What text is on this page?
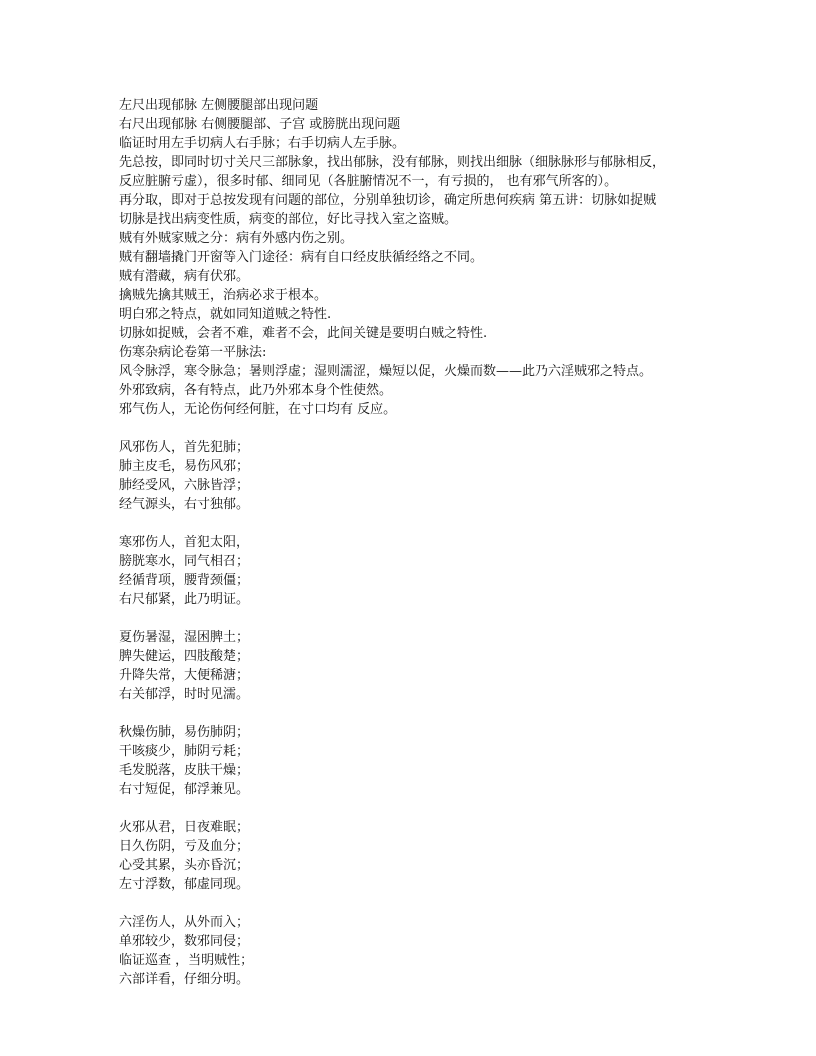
左尺出现郁脉 左侧腰腿部出现问题
右尺出现郁脉 右侧腰腿部、子宫 或膀胱出现问题
临证时用左手切病人右手脉；右手切病人左手脉。
先总按，即同时切寸关尺三部脉象，找出郁脉，没有郁脉，则找出细脉（细脉脉形与郁脉相反，
反应脏腑亏虚），很多时郁、细同见（各脏腑情况不一，有亏损的， 也有邪气所客的）。
再分取，即对于总按发现有问题的部位，分别单独切诊，确定所患何疾病 第五讲：切脉如捉贼
切脉是找出病变性质，病变的部位，好比寻找入室之盗贼。
贼有外贼家贼之分：病有外感内伤之别。
贼有翻墙撬门开窗等入门途径：病有自口经皮肤循经络之不同。
贼有潜藏，病有伏邪。
擒贼先擒其贼王，治病必求于根本。
明白邪之特点，就如同知道贼之特性.
切脉如捉贼，会者不难，难者不会，此间关键是要明白贼之特性.
伤寒杂病论卷第一平脉法:
风令脉浮，寒令脉急；暑则浮虚；湿则濡涩，燥短以促，火燥而数——此乃六淫贼邪之特点。
外邪致病，各有特点，此乃外邪本身个性使然。
邪气伤人，无论伤何经何脏，在寸口均有 反应。
风邪伤人，首先犯肺；
肺主皮毛，易伤风邪；
肺经受风，六脉皆浮；
经气源头，右寸独郁。
寒邪伤人，首犯太阳，
膀胱寒水，同气相召；
经循背项，腰背颈僵；
右尺郁紧，此乃明证。
夏伤暑湿，湿困脾土；
脾失健运，四肢酸楚；
升降失常，大便稀溏；
右关郁浮，时时见濡。
秋燥伤肺，易伤肺阴；
干咳痰少，肺阴亏耗；
毛发脱落，皮肤干燥；
右寸短促，郁浮兼见。
火邪从君，日夜难眠；
日久伤阴，亏及血分；
心受其累，头亦昏沉；
左寸浮数，郁虚同现。
六淫伤人，从外而入；
单邪较少，数邪同侵；
临证巡查 ，当明贼性；
六部详看，仔细分明。
